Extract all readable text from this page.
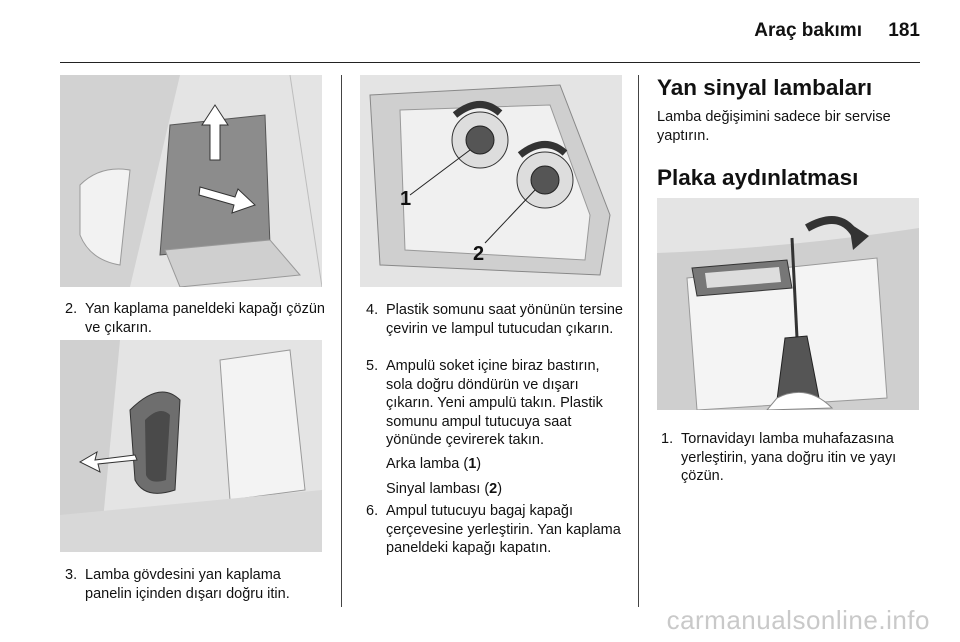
Araç bakımı 181
2. Yan kaplama paneldeki kapağı çözün ve çıkarın.
3. Lamba gövdesini yan kaplama panelin içinden dışarı doğru itin.
1
2
4. Plastik somunu saat yönünün tersine çevirin ve lampul tutucudan çıkarın.
5. Ampulü soket içine biraz bastırın, sola doğru döndürün ve dışarı çıkarın. Yeni ampulü takın. Plastik somunu ampul tutucuya saat yönünde çevirerek takın.
Arka lamba (1)
Sinyal lambası (2)
6. Ampul tutucuyu bagaj kapağı çerçevesine yerleştirin. Yan kaplama paneldeki kapağı kapatın.
Yan sinyal lambaları
Lamba değişimini sadece bir servise yaptırın.
Plaka aydınlatması
1. Tornavidayı lamba muhafazasına yerleştirin, yana doğru itin ve yayı çözün.
carmanualsonline.info
